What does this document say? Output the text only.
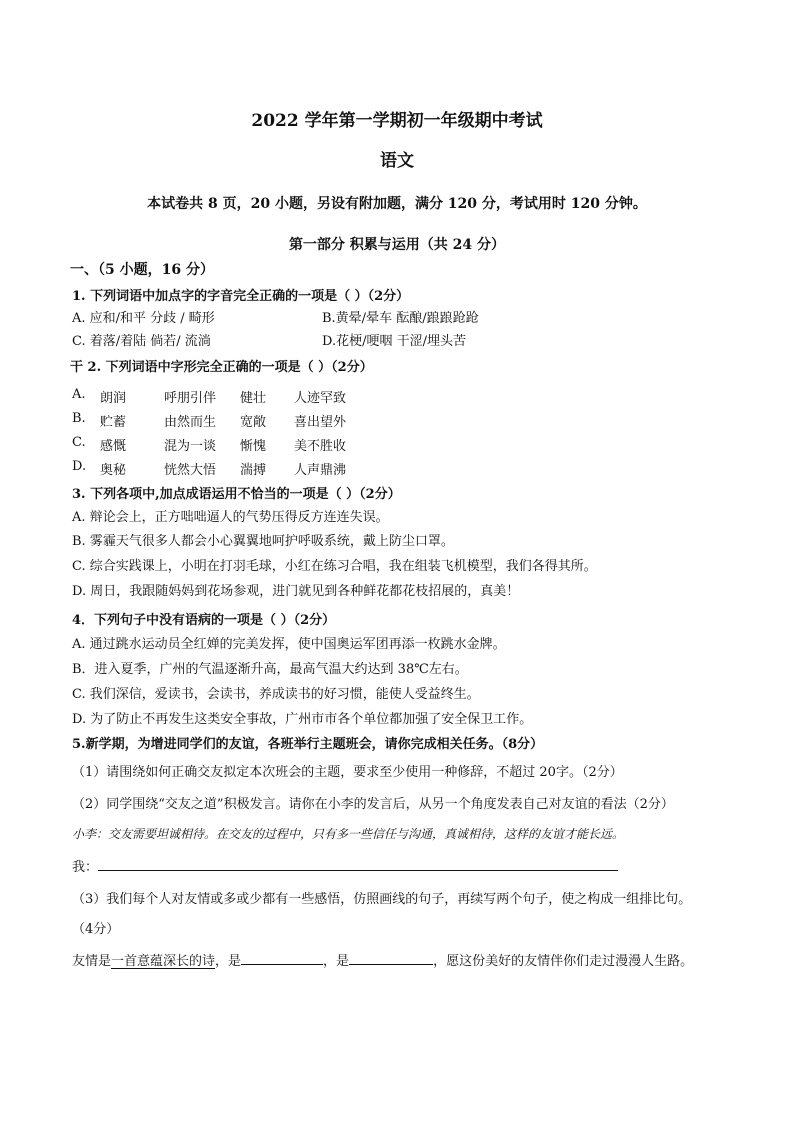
2022 学年第一学期初一年级期中考试
语文
本试卷共 8 页，20 小题，另设有附加题，满分 120 分，考试用时 120 分钟。
第一部分 积累与运用（共 24 分）
一、（5 小题，16 分）
1. 下列词语中加点字的字音完全正确的一项是（ ）（2分）
A. 应和/和平 分歧 / 畸形	B.黄晕/晕车 酝酿/踉踉跄跄
C. 着落/着陆 倘若/ 流淌	D.花梗/哽咽 干涩/埋头苦
干 2. 下列词语中字形完全正确的一项是（ ）（2分）
A. 朗润	呼朋引伴 健壮 人迹罕致
B. 贮蓄	由然而生 宽敞 喜出望外
C. 感慨	混为一谈 惭愧 美不胜收
D. 奥秘	恍然大悟 湍搏 人声鼎沸
3. 下列各项中,加点成语运用不恰当的一项是（ ）（2分）
A. 辩论会上，正方咄咄逼人的气势压得反方连连失误。
B. 雾霾天气很多人都会小心翼翼地呵护呼吸系统，戴上防尘口罩。
C. 综合实践课上，小明在打羽毛球，小红在练习合唱，我在组装飞机模型，我们各得其所。
D. 周日，我跟随妈妈到花场参观，进门就见到各种鲜花都花枝招展的，真美！
4．下列句子中没有语病的一项是（ ）（2分）
A. 通过跳水运动员全红婵的完美发挥，使中国奥运军团再添一枚跳水金牌。
B．进入夏季，广州的气温逐渐升高，最高气温大约达到 38℃左右。
C. 我们深信，爱读书，会读书，养成读书的好习惯，能使人受益终生。
D. 为了防止不再发生这类安全事故，广州市市各个单位都加强了安全保卫工作。
5.新学期，为增进同学们的友谊，各班举行主题班会，请你完成相关任务。（8分）
（1）请围绕如何正确交友拟定本次班会的主题，要求至少使用一种修辞，不超过 20字。（2分）
（2）同学围绕“交友之道”积极发言。请你在小李的发言后，从另一个角度发表自己对友谊的看法（2分）
小李：交友需要坦诚相待。在交友的过程中，只有多一些信任与沟通，真诚相待，这样的友谊才能长远。
我：
（3）我们每个人对友情或多或少都有一些感悟，仿照画线的句子，再续写两个句子，使之构成一组排比句。
（4分）
友情是一首意蕴深长的诗，是	，是	，愿这份美好的友情伴你们走过漫漫人生路。
